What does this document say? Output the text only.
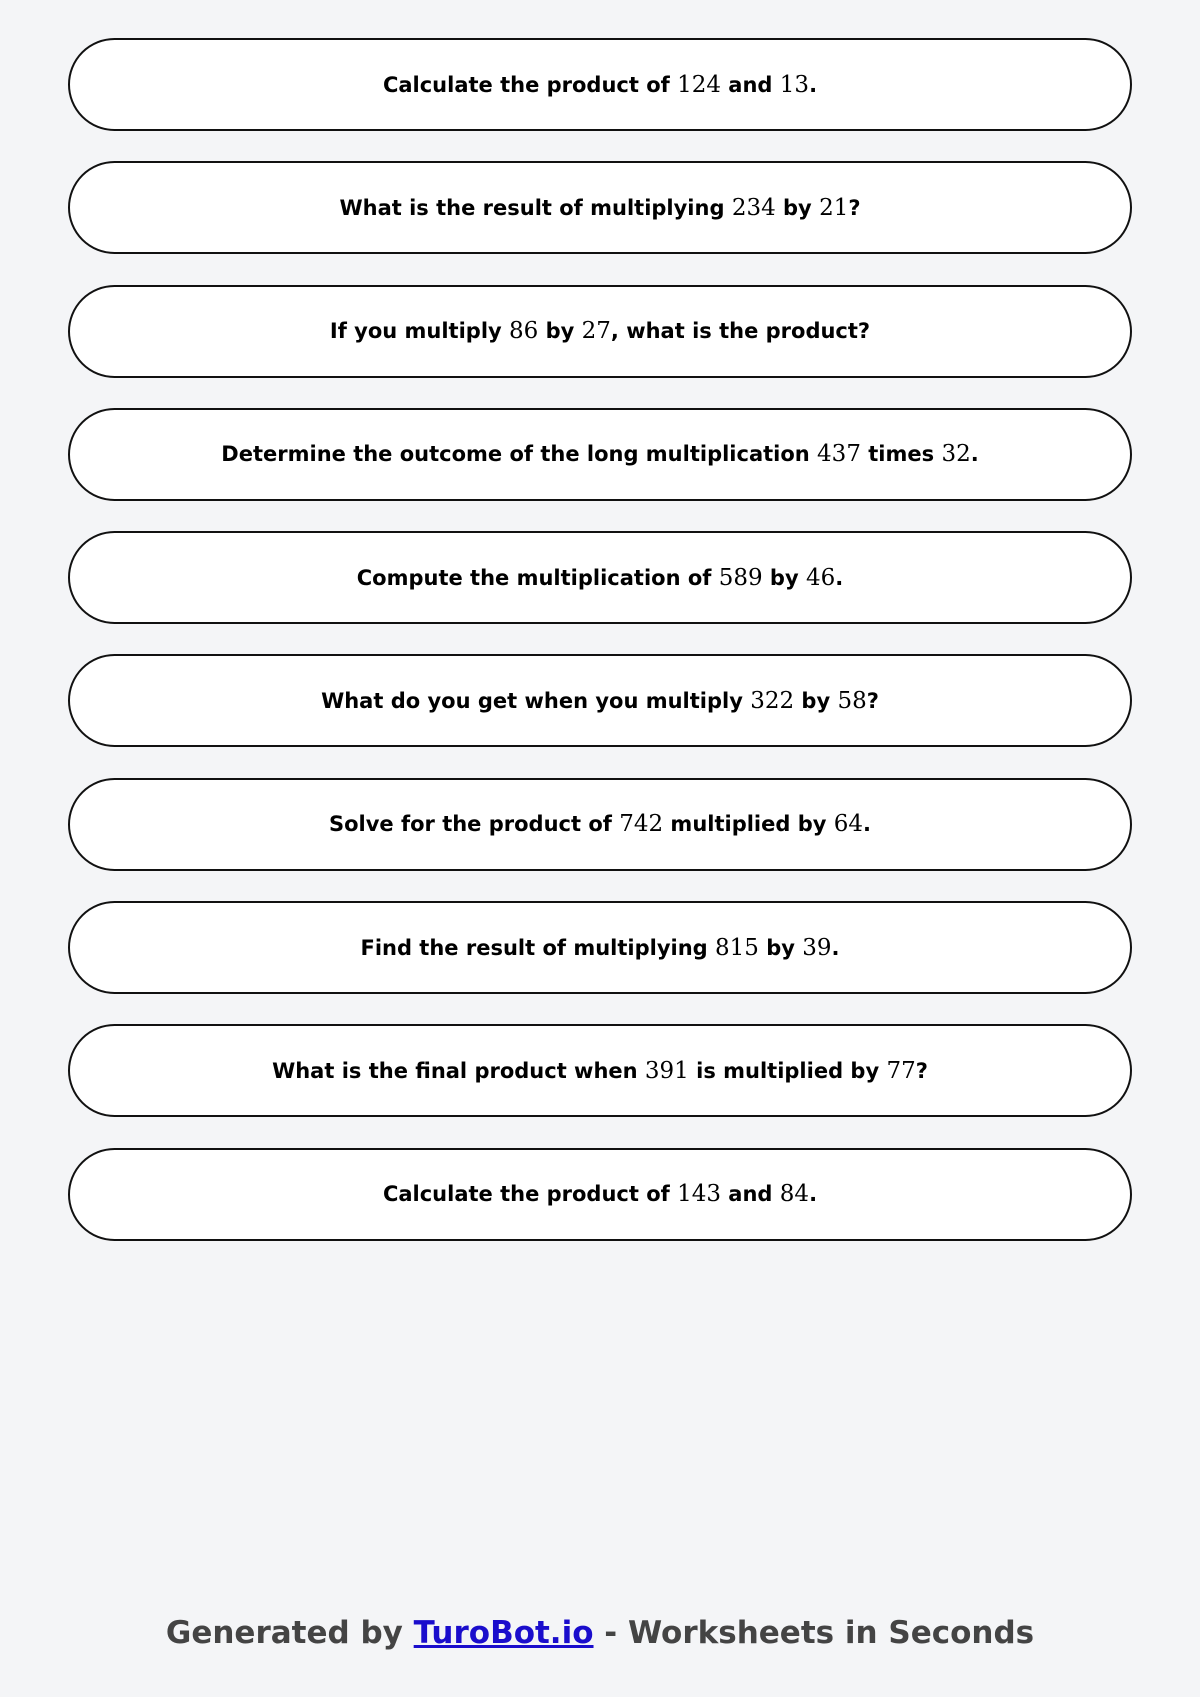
Calculate the product of 124 and 13 .
What is the result of multiplying 234 by 21 ?
If you multiply 86 by 27 , what is the product?
Determine the outcome of the long multiplication 437 times 32 .
Compute the multiplication of 589 by 46 .
What do you get when you multiply 322 by 58 ?
Solve for the product of 742 multiplied by 64 .
Find the result of multiplying 815 by 39 .
What is the final product when 391 is multiplied by 77 ?
Calculate the product of 143 and 84 .
Generated by TuroBot.io - Worksheets in Seconds
